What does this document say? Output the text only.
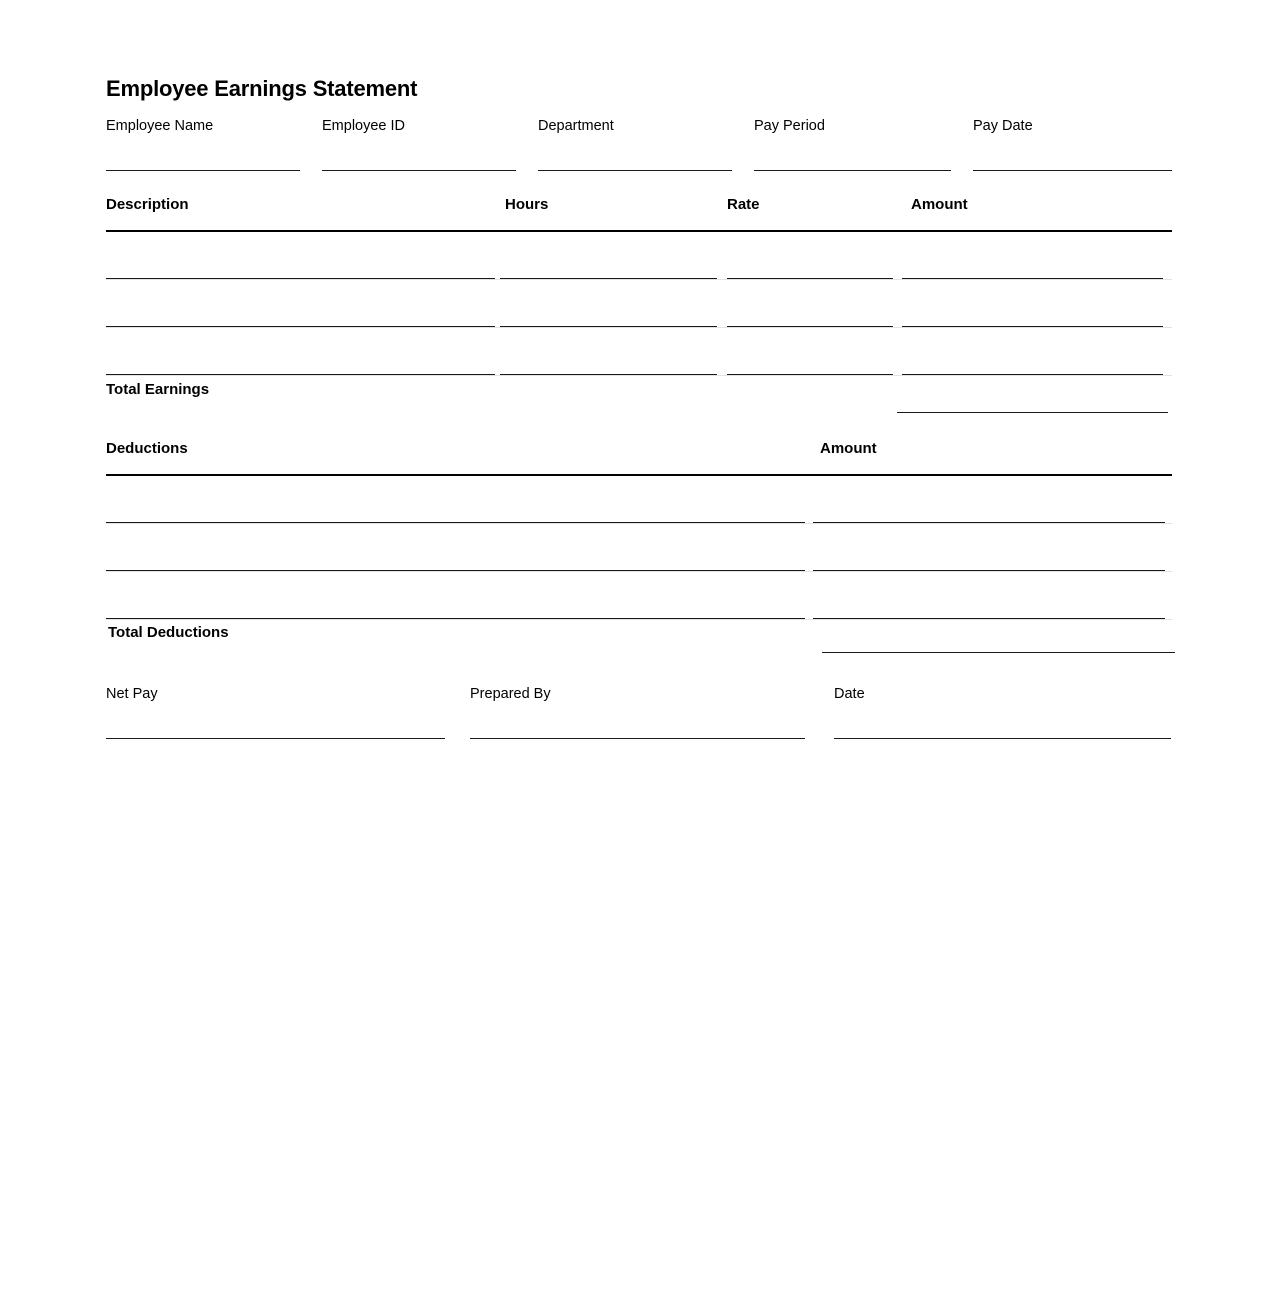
Employee Earnings Statement
Employee Name	Employee ID	Department	Pay Period	Pay Date
Description	Hours	Rate	Amount
Total Earnings
Deductions	Amount
Total Deductions
Net Pay	Prepared By	Date
